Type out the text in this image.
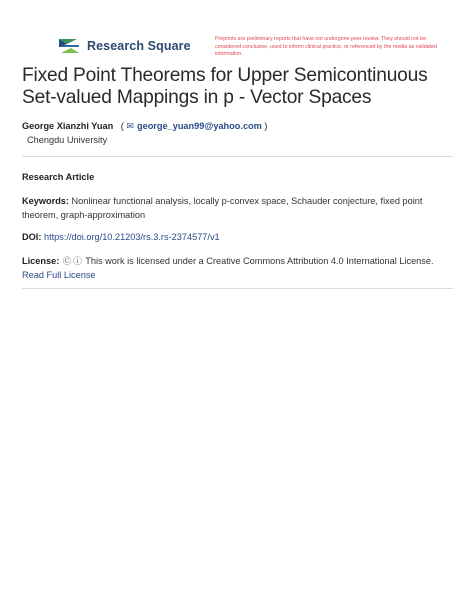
Research Square	Preprints are preliminary reports that have not undergone peer review. They should not be considered conclusive, used to inform clinical practice, or referenced by the media as validated information.
Fixed Point Theorems for Upper Semicontinuous Set-valued Mappings in p - Vector Spaces
George Xianzhi Yuan ( ✉ george_yuan99@yahoo.com )
Chengdu University
Research Article
Keywords: Nonlinear functional analysis, locally p-convex space, Schauder conjecture, fixed point theorem, graph-approximation
DOI: https://doi.org/10.21203/rs.3.rs-2374577/v1
License: Ⓒ ⓘ This work is licensed under a Creative Commons Attribution 4.0 International License.
Read Full License
